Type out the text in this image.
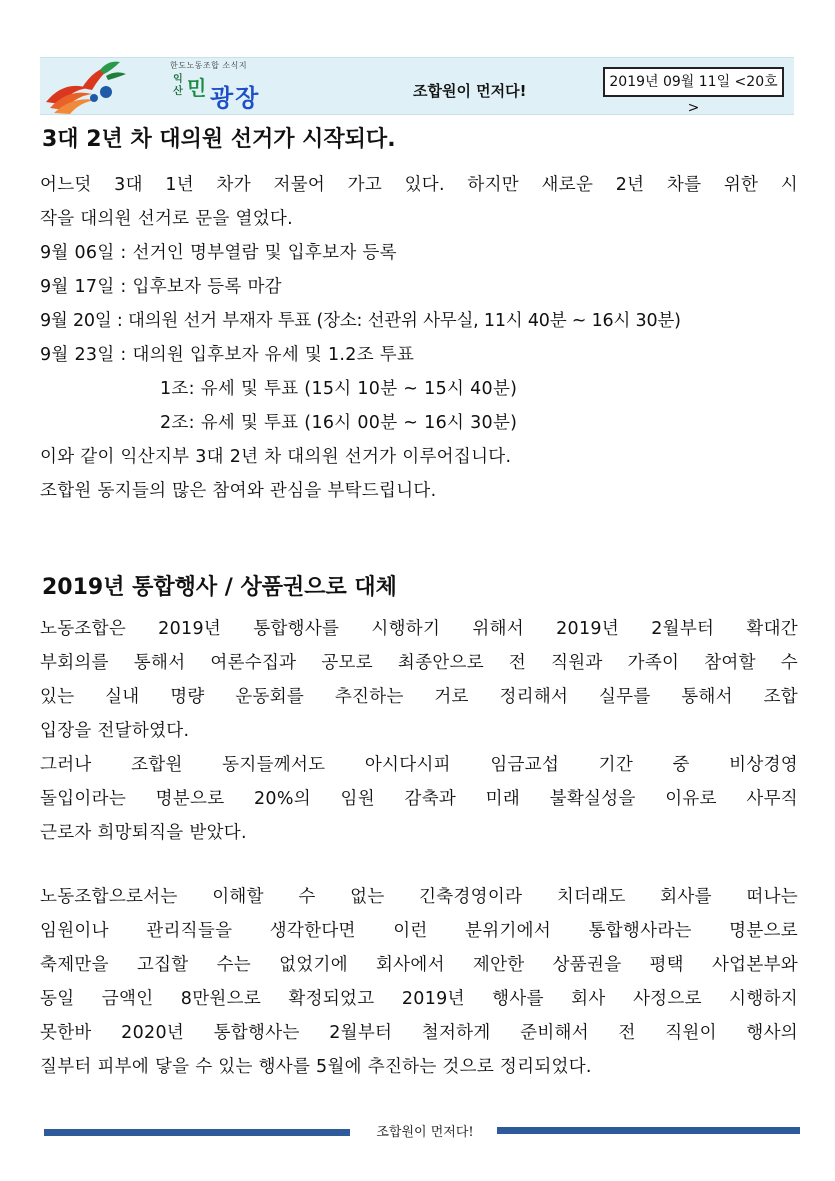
한도노동조합 소식지
익산 민 광장	조합원이 먼저다!	2019년 09월 11일 <20호>
3대 2년 차 대의원 선거가 시작되다.
어느덧 3대 1년 차가 저물어 가고 있다. 하지만 새로운 2년 차를 위한 시
작을 대의원 선거로 문을 열었다.
9월 06일 : 선거인 명부열람 및 입후보자 등록
9월 17일 : 입후보자 등록 마감
9월 20일 : 대의원 선거 부재자 투표 (장소: 선관위 사무실, 11시 40분 ~ 16시 30분)
9월 23일 : 대의원 입후보자 유세 및 1.2조 투표
1조: 유세 및 투표 (15시 10분 ~ 15시 40분)
2조: 유세 및 투표 (16시 00분 ~ 16시 30분)
이와 같이 익산지부 3대 2년 차 대의원 선거가 이루어집니다.
조합원 동지들의 많은 참여와 관심을 부탁드립니다.
2019년 통합행사 / 상품권으로 대체
노동조합은 2019년 통합행사를 시행하기 위해서 2019년 2월부터 확대간
부회의를 통해서 여론수집과 공모로 최종안으로 전 직원과 가족이 참여할 수
있는 실내 명량 운동회를 추진하는 거로 정리해서 실무를 통해서 조합
입장을 전달하였다.
그러나 조합원 동지들께서도 아시다시피 임금교섭 기간 중 비상경영
돌입이라는 명분으로 20%의 임원 감축과 미래 불확실성을 이유로 사무직
근로자 희망퇴직을 받았다.
노동조합으로서는 이해할 수 없는 긴축경영이라 치더래도 회사를 떠나는
임원이나 관리직들을 생각한다면 이런 분위기에서 통합행사라는 명분으로
축제만을 고집할 수는 없었기에 회사에서 제안한 상품권을 평택 사업본부와
동일 금액인 8만원으로 확정되었고 2019년 행사를 회사 사정으로 시행하지
못한바 2020년 통합행사는 2월부터 철저하게 준비해서 전 직원이 행사의
질부터 피부에 닿을 수 있는 행사를 5월에 추진하는 것으로 정리되었다.
조합원이 먼저다!
